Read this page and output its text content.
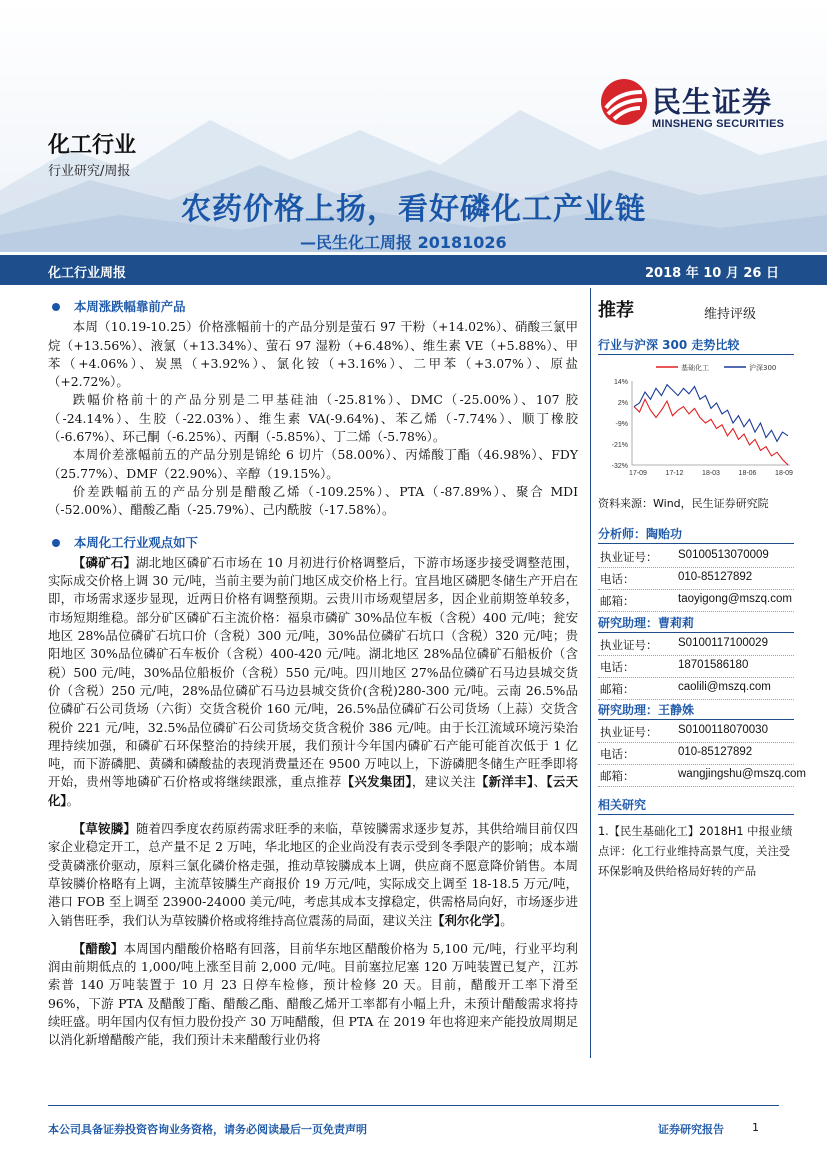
民生证券
MINSHENG SECURITIES
化工行业
行业研究/周报
农药价格上扬，看好磷化工产业链
—民生化工周报 20181026
化工行业周报	2018 年 10 月 26 日
本周涨跌幅靠前产品

本周（10.19-10.25）价格涨幅前十的产品分别是萤石 97 干粉（+14.02%）、硝酸三氯甲烷（+13.56%）、液氯（+13.34%）、萤石 97 湿粉（+6.48%）、维生素 VE（+5.88%）、甲苯（+4.06%）、炭黑（+3.92%）、氯化铵（+3.16%）、二甲苯（+3.07%）、原盐（+2.72%）。

跌幅价格前十的产品分别是二甲基硅油（-25.81%）、DMC（-25.00%）、107 胶（-24.14%）、生胶（-22.03%）、维生素 VA(-9.64%)、苯乙烯（-7.74%）、顺丁橡胶（-6.67%）、环己酮（-6.25%）、丙酮（-5.85%）、丁二烯（-5.78%）。

本周价差涨幅前五的产品分别是锦纶 6 切片（58.00%）、丙烯酸丁酯（46.98%）、FDY（25.77%）、DMF（22.90%）、辛醇（19.15%）。

价差跌幅前五的产品分别是醋酸乙烯（-109.25%）、PTA（-87.89%）、聚合 MDI（-52.00%）、醋酸乙酯（-25.79%）、己内酰胺（-17.58%）。

本周化工行业观点如下

【磷矿石】湖北地区磷矿石市场在 10 月初进行价格调整后，下游市场逐步接受调整范围，实际成交价格上调 30 元/吨，当前主要为前门地区成交价格上行。宜昌地区磷肥冬储生产开启在即，市场需求逐步显现，近两日价格有调整预期。云贵川市场观望居多，因企业前期签单较多，市场短期维稳。部分矿区磷矿石主流价格：福泉市磷矿 30%品位车板（含税）400 元/吨；瓮安地区 28%品位磷矿石坑口价（含税）300 元/吨，30%品位磷矿石坑口（含税）320 元/吨；贵阳地区 30%品位磷矿石车板价（含税）400-420 元/吨。湖北地区 28%品位磷矿石船板价（含税）500 元/吨，30%品位船板价（含税）550 元/吨。四川地区 27%品位磷矿石马边县城交货价（含税）250 元/吨，28%品位磷矿石马边县城交货价(含税)280-300 元/吨。云南 26.5%品位磷矿石公司货场（六街）交货含税价 160 元/吨，26.5%品位磷矿石公司货场（上蒜）交货含税价 221 元/吨，32.5%品位磷矿石公司货场交货含税价 386 元/吨。由于长江流域环境污染治理持续加强，和磷矿石环保整治的持续开展，我们预计今年国内磷矿石产能可能首次低于 1 亿吨，而下游磷肥、黄磷和磷酸盐的表现消费量还在 9500 万吨以上，下游磷肥冬储生产旺季即将开始，贵州等地磷矿石价格或将继续跟涨，重点推荐【兴发集团】，建议关注【新洋丰】、【云天化】。

【草铵膦】随着四季度农药原药需求旺季的来临，草铵膦需求逐步复苏，其供给端目前仅四家企业稳定开工，总产量不足 2 万吨，华北地区的企业尚没有表示受到冬季限产的影响；成本端受黄磷涨价驱动，原料三氯化磷价格走强，推动草铵膦成本上调，供应商不愿意降价销售。本周草铵膦价格略有上调，主流草铵膦生产商报价 19 万元/吨，实际成交上调至 18-18.5 万元/吨，港口 FOB 至上调至 23900-24000 美元/吨，考虑其成本支撑稳定，供需格局向好，市场逐步进入销售旺季，我们认为草铵膦价格或将维持高位震荡的局面，建议关注【利尔化学】。

【醋酸】本周国内醋酸价格略有回落，目前华东地区醋酸价格为 5,100 元/吨，行业平均利润由前期低点的 1,000/吨上涨至目前 2,000 元/吨。目前塞拉尼塞 120 万吨装置已复产，江苏索普 140 万吨装置于 10 月 23 日停车检修，预计检修 20 天。目前，醋酸开工率下滑至 96%，下游 PTA 及醋酸丁酯、醋酸乙酯、醋酸乙烯开工率都有小幅上升，未预计醋酸需求将持续旺盛。明年国内仅有恒力股份投产 30 万吨醋酸，但 PTA 在 2019 年也将迎来产能投放周期足以消化新增醋酸产能，我们预计未来醋酸行业仍将

推荐	维持评级
行业与沪深 300 走势比较
14%
2%
-9%
-21%
-32%
17-09	17-12	18-03	18-06	18-09
基础化工	沪深300
资料来源：Wind，民生证券研究院
分析师：陶贻功
执业证号： S0100513070009
电话：	010-85127892
邮箱：	taoyigong@mszq.com
研究助理：曹莉莉
执业证号： S0100117100029
电话：	18701586180
邮箱：	caolili@mszq.com
研究助理：王静姝
执业证号： S0100118070030
电话：	010-85127892
邮箱：	wangjingshu@mszq.com
相关研究
1.【民生基础化工】2018H1 中报业绩点评：化工行业维持高景气度，关注受环保影响及供给格局好转的产品
本公司具备证券投资咨询业务资格，请务必阅读最后一页免责声明	证券研究报告	1
